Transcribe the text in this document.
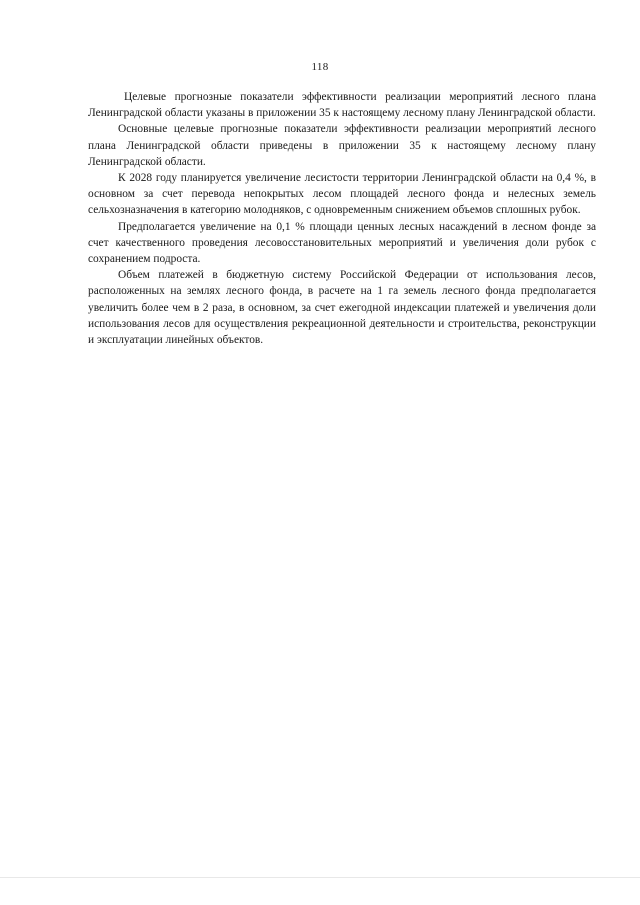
118

Целевые прогнозные показатели эффективности реализации мероприятий лесного плана Ленинградской области указаны в приложении 35 к настоящему лесному плану Ленинградской области.

Основные целевые прогнозные показатели эффективности реализации мероприятий лесного плана Ленинградской области приведены в приложении 35 к настоящему лесному плану Ленинградской области.

К 2028 году планируется увеличение лесистости территории Ленинградской области на 0,4 %, в основном за счет перевода непокрытых лесом площадей лесного фонда и нелесных земель сельхозназначения в категорию молодняков, с одновременным снижением объемов сплошных рубок.

Предполагается увеличение на 0,1 % площади ценных лесных насаждений в лесном фонде за счет качественного проведения лесовосстановительных мероприятий и увеличения доли рубок с сохранением подроста.

Объем платежей в бюджетную систему Российской Федерации от использования лесов, расположенных на землях лесного фонда, в расчете на 1 га земель лесного фонда предполагается увеличить более чем в 2 раза, в основном, за счет ежегодной индексации платежей и увеличения доли использования лесов для осуществления рекреационной деятельности и строительства, реконструкции и эксплуатации линейных объектов.
